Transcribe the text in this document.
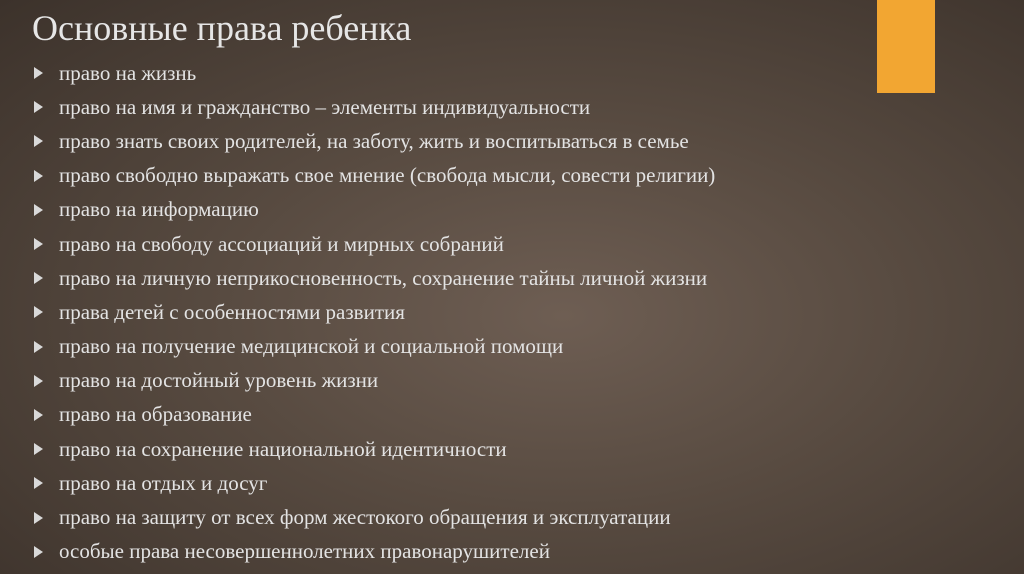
Основные права ребенка
право на жизнь
право на имя и гражданство – элементы индивидуальности
право знать своих родителей, на заботу, жить и воспитываться в семье
право свободно выражать свое мнение (свобода мысли, совести религии)
право на информацию
право на свободу ассоциаций и мирных собраний
право на личную неприкосновенность, сохранение тайны личной жизни
права детей с особенностями развития
право на получение медицинской и социальной помощи
право на достойный уровень жизни
право на образование
право на сохранение национальной идентичности
право на отдых и досуг
право на защиту от всех форм жестокого обращения и эксплуатации
особые права несовершеннолетних правонарушителей
